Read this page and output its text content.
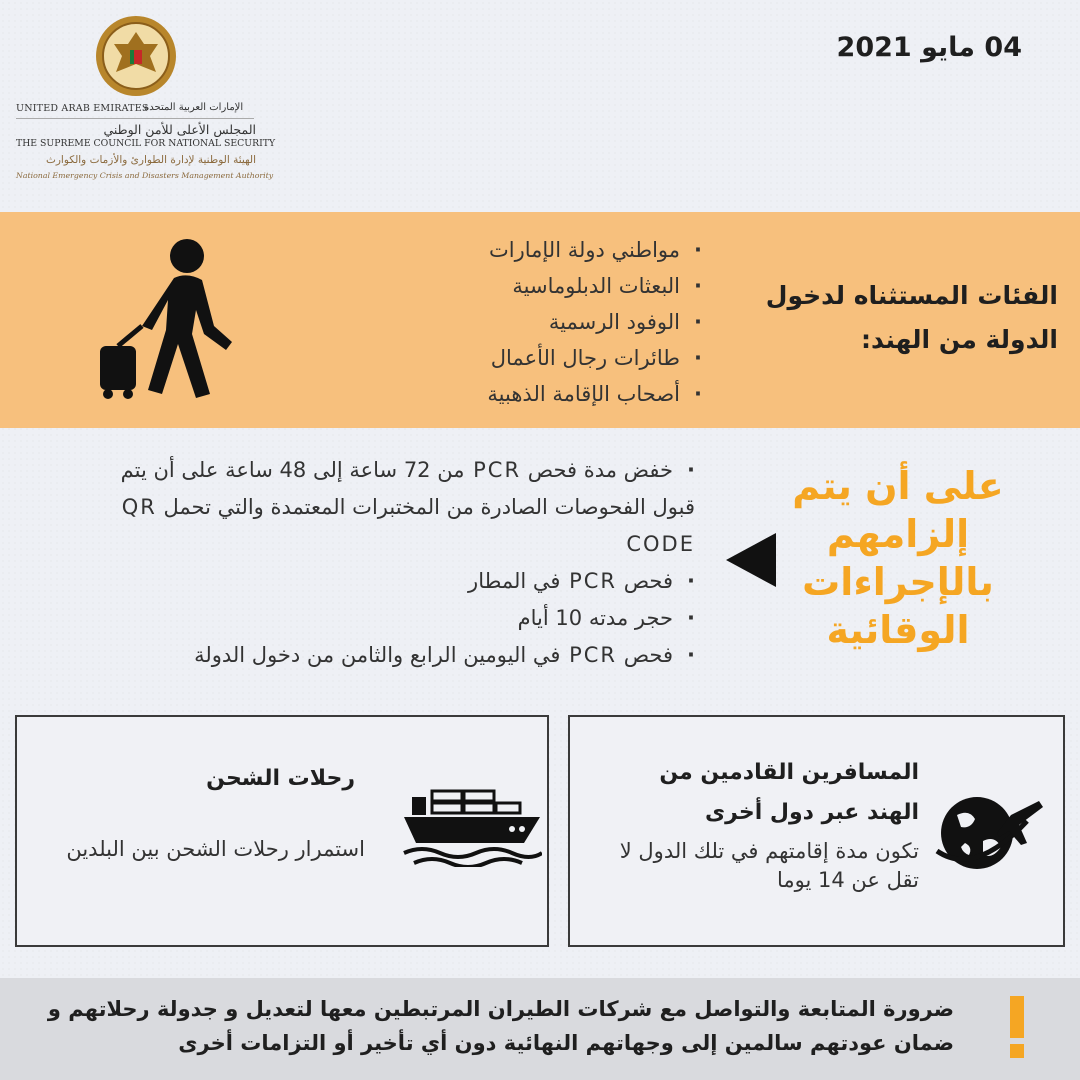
04 مايو 2021
UNITED ARAB EMIRATES
الإمارات العربية المتحدة
المجلس الأعلى للأمن الوطني
THE SUPREME COUNCIL FOR NATIONAL SECURITY
الهيئة الوطنية لإدارة الطوارئ والأزمات والكوارث
National Emergency Crisis and Disasters Management Authority
الفئات المستثناه لدخول الدولة من الهند:
· مواطني دولة الإمارات
· البعثات الدبلوماسية
· الوفود الرسمية
· طائرات رجال الأعمال
· أصحاب الإقامة الذهبية
· خفض مدة فحص PCR من 72 ساعة إلى 48 ساعة على أن يتم قبول الفحوصات الصادرة من المختبرات المعتمدة والتي تحمل QR CODE
· فحص PCR في المطار
· حجر مدته 10 أيام
· فحص PCR في اليومين الرابع والثامن من دخول الدولة
على أن يتم إلزامهم بالإجراءات الوقائية
المسافرين القادمين من الهند عبر دول أخرى
تكون مدة إقامتهم في تلك الدول لا تقل عن 14 يوما
رحلات الشحن
استمرار رحلات الشحن بين البلدين
ضرورة المتابعة والتواصل مع شركات الطيران المرتبطين معها لتعديل و جدولة رحلاتهم و ضمان عودتهم سالمين إلى وجهاتهم النهائية دون أي تأخير أو التزامات أخرى
